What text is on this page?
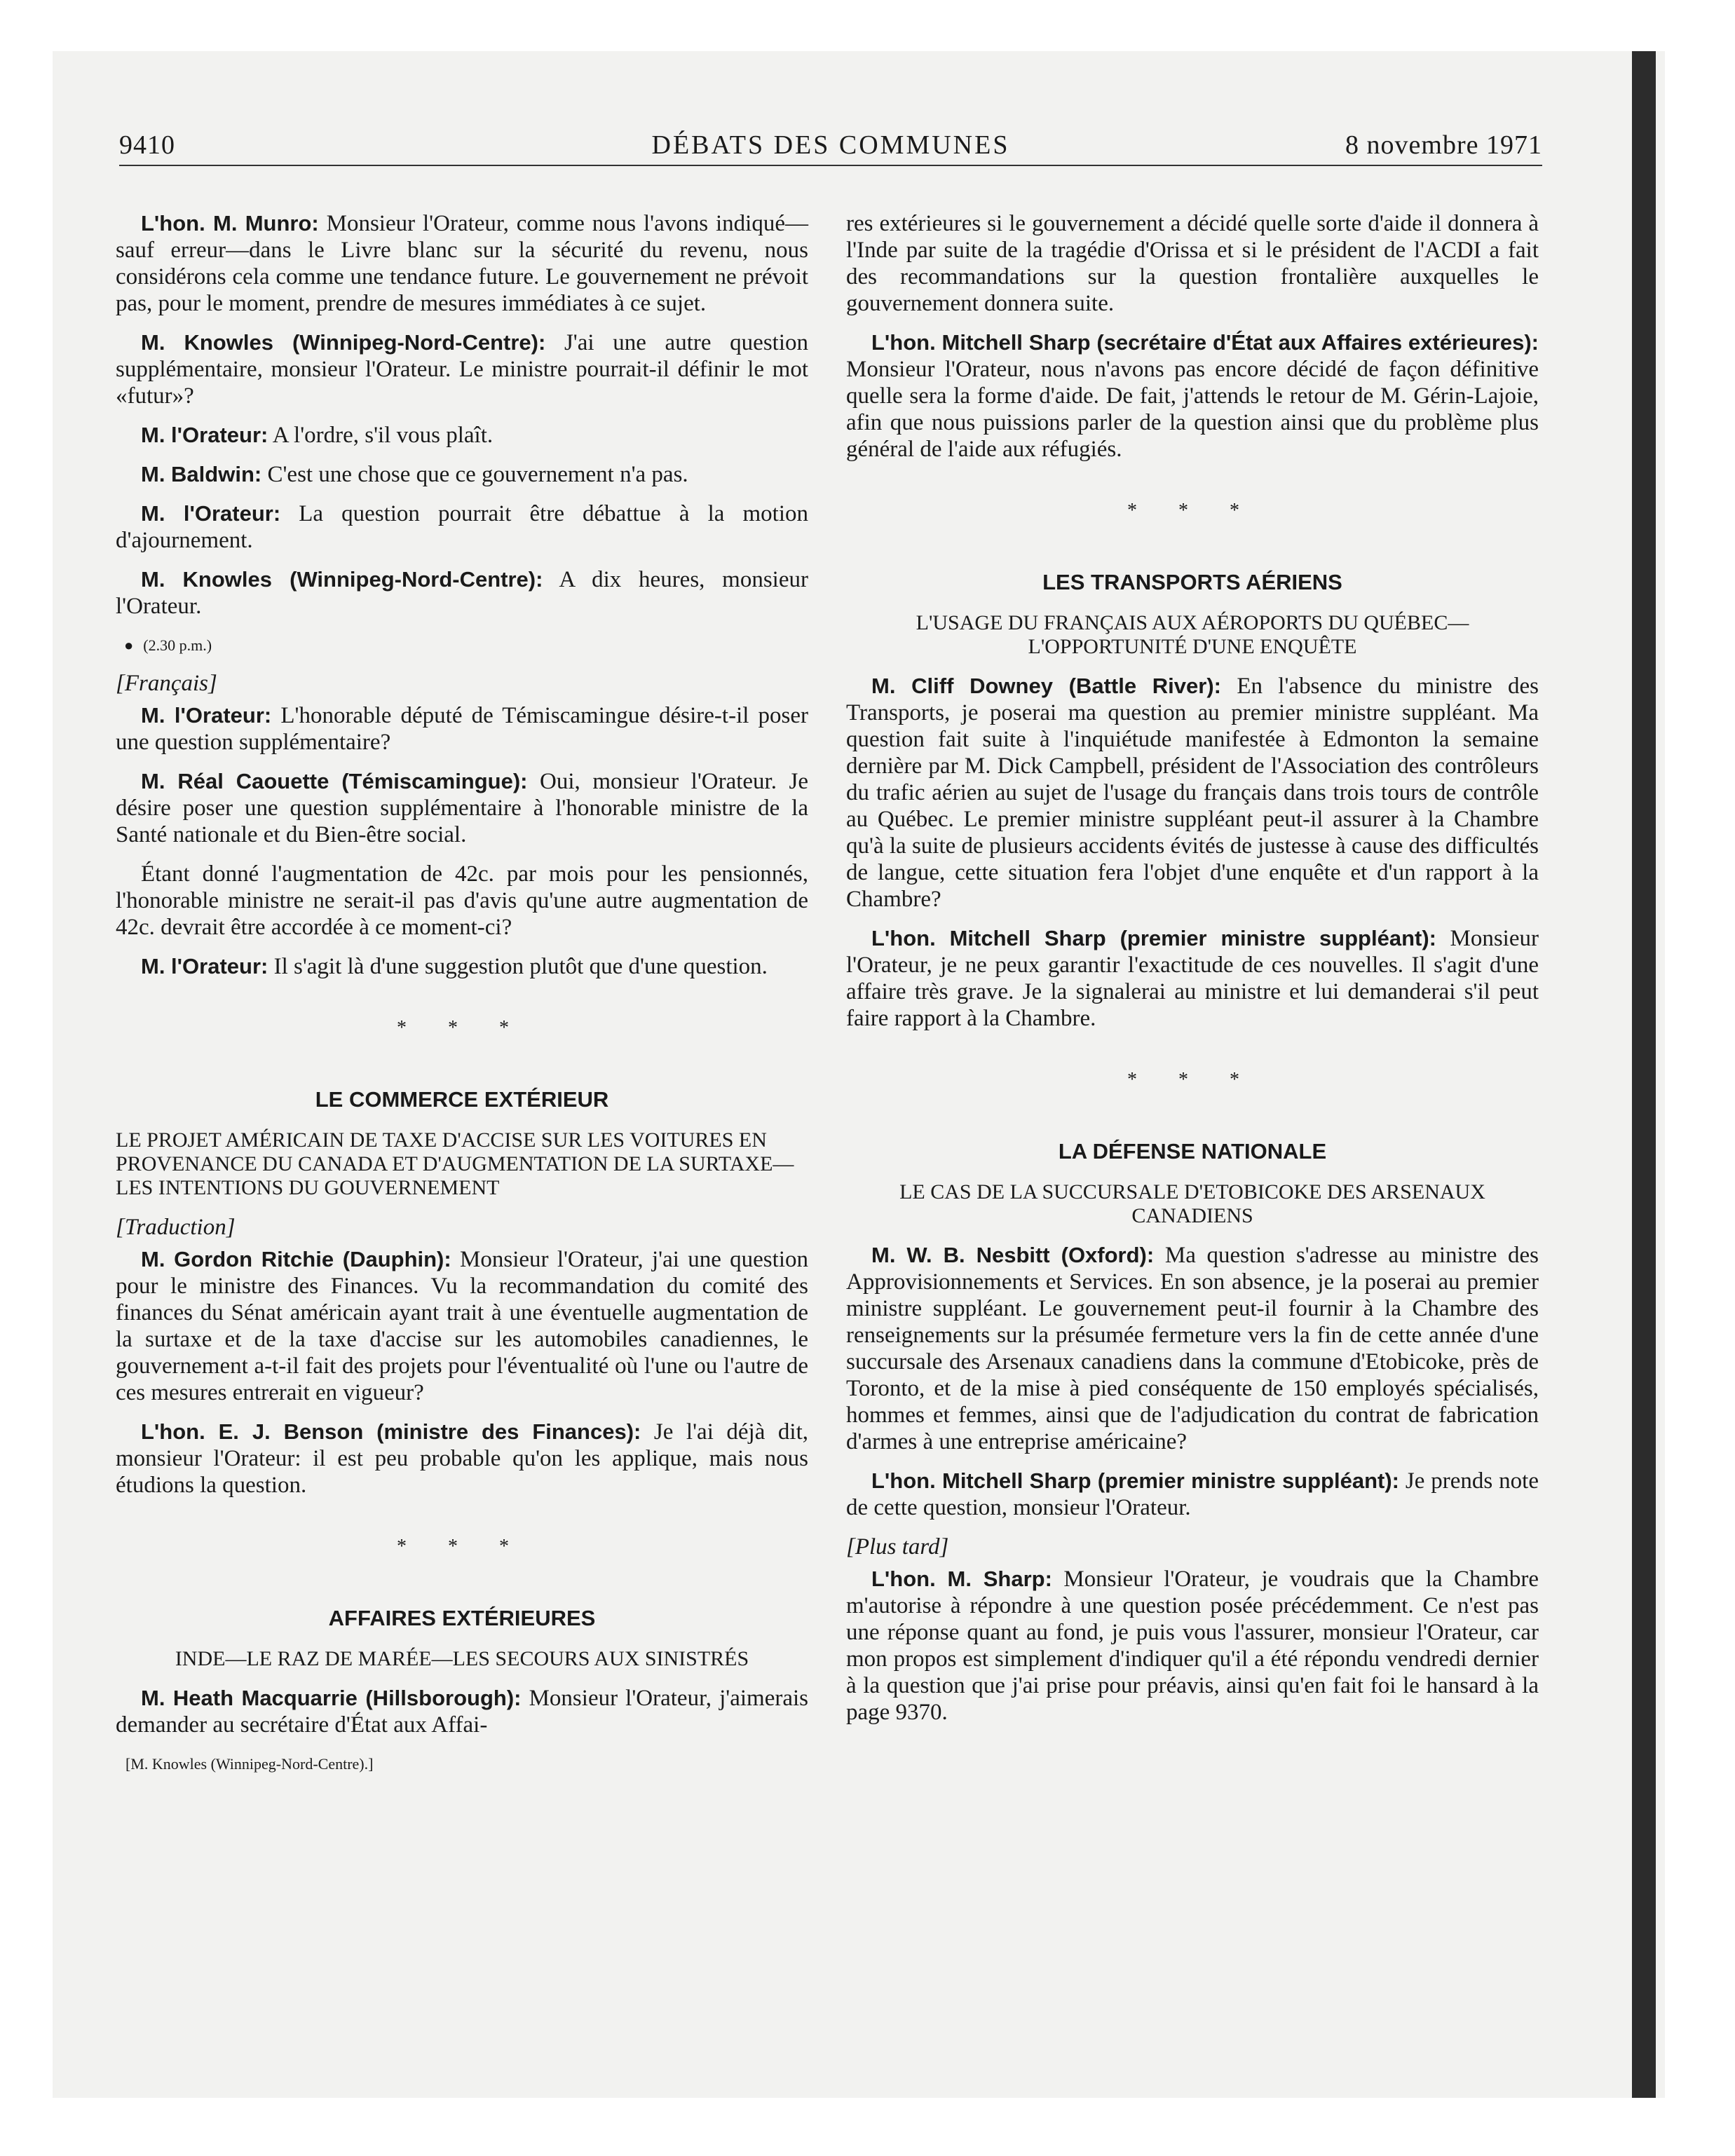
9410	DÉBATS DES COMMUNES	8 novembre 1971

L'hon. M. Munro: Monsieur l'Orateur, comme nous l'avons indiqué—sauf erreur—dans le Livre blanc sur la sécurité du revenu, nous considérons cela comme une tendance future. Le gouvernement ne prévoit pas, pour le moment, prendre de mesures immédiates à ce sujet.

M. Knowles (Winnipeg-Nord-Centre): J'ai une autre question supplémentaire, monsieur l'Orateur. Le ministre pourrait-il définir le mot «futur»?

M. l'Orateur: A l'ordre, s'il vous plaît.

M. Baldwin: C'est une chose que ce gouvernement n'a pas.

M. l'Orateur: La question pourrait être débattue à la motion d'ajournement.

M. Knowles (Winnipeg-Nord-Centre): A dix heures, monsieur l'Orateur.

● (2.30 p.m.)
[Français]

M. l'Orateur: L'honorable député de Témiscamingue désire-t-il poser une question supplémentaire?

M. Réal Caouette (Témiscamingue): Oui, monsieur l'Orateur. Je désire poser une question supplémentaire à l'honorable ministre de la Santé nationale et du Bien-être social.

Étant donné l'augmentation de 42c. par mois pour les pensionnés, l'honorable ministre ne serait-il pas d'avis qu'une autre augmentation de 42c. devrait être accordée à ce moment-ci?

M. l'Orateur: Il s'agit là d'une suggestion plutôt que d'une question.

* * *
LE COMMERCE EXTÉRIEUR
LE PROJET AMÉRICAIN DE TAXE D'ACCISE SUR LES VOITURES EN PROVENANCE DU CANADA ET D'AUGMENTATION DE LA SURTAXE—LES INTENTIONS DU GOUVERNEMENT
[Traduction]

M. Gordon Ritchie (Dauphin): Monsieur l'Orateur, j'ai une question pour le ministre des Finances. Vu la recommandation du comité des finances du Sénat américain ayant trait à une éventuelle augmentation de la surtaxe et de la taxe d'accise sur les automobiles canadiennes, le gouvernement a-t-il fait des projets pour l'éventualité où l'une ou l'autre de ces mesures entrerait en vigueur?

L'hon. E. J. Benson (ministre des Finances): Je l'ai déjà dit, monsieur l'Orateur: il est peu probable qu'on les applique, mais nous étudions la question.

* * *
AFFAIRES EXTÉRIEURES
INDE—LE RAZ DE MARÉE—LES SECOURS AUX SINISTRÉS

M. Heath Macquarrie (Hillsborough): Monsieur l'Orateur, j'aimerais demander au secrétaire d'État aux Affai-

[M. Knowles (Winnipeg-Nord-Centre).]

res extérieures si le gouvernement a décidé quelle sorte d'aide il donnera à l'Inde par suite de la tragédie d'Orissa et si le président de l'ACDI a fait des recommandations sur la question frontalière auxquelles le gouvernement donnera suite.

L'hon. Mitchell Sharp (secrétaire d'État aux Affaires extérieures): Monsieur l'Orateur, nous n'avons pas encore décidé de façon définitive quelle sera la forme d'aide. De fait, j'attends le retour de M. Gérin-Lajoie, afin que nous puissions parler de la question ainsi que du problème plus général de l'aide aux réfugiés.

* * *
LES TRANSPORTS AÉRIENS
L'USAGE DU FRANÇAIS AUX AÉROPORTS DU QUÉBEC—L'OPPORTUNITÉ D'UNE ENQUÊTE

M. Cliff Downey (Battle River): En l'absence du ministre des Transports, je poserai ma question au premier ministre suppléant. Ma question fait suite à l'inquiétude manifestée à Edmonton la semaine dernière par M. Dick Campbell, président de l'Association des contrôleurs du trafic aérien au sujet de l'usage du français dans trois tours de contrôle au Québec. Le premier ministre suppléant peut-il assurer à la Chambre qu'à la suite de plusieurs accidents évités de justesse à cause des difficultés de langue, cette situation fera l'objet d'une enquête et d'un rapport à la Chambre?

L'hon. Mitchell Sharp (premier ministre suppléant): Monsieur l'Orateur, je ne peux garantir l'exactitude de ces nouvelles. Il s'agit d'une affaire très grave. Je la signalerai au ministre et lui demanderai s'il peut faire rapport à la Chambre.

* * *
LA DÉFENSE NATIONALE
LE CAS DE LA SUCCURSALE D'ETOBICOKE DES ARSENAUX CANADIENS

M. W. B. Nesbitt (Oxford): Ma question s'adresse au ministre des Approvisionnements et Services. En son absence, je la poserai au premier ministre suppléant. Le gouvernement peut-il fournir à la Chambre des renseignements sur la présumée fermeture vers la fin de cette année d'une succursale des Arsenaux canadiens dans la commune d'Etobicoke, près de Toronto, et de la mise à pied conséquente de 150 employés spécialisés, hommes et femmes, ainsi que de l'adjudication du contrat de fabrication d'armes à une entreprise américaine?

L'hon. Mitchell Sharp (premier ministre suppléant): Je prends note de cette question, monsieur l'Orateur.

[Plus tard]

L'hon. M. Sharp: Monsieur l'Orateur, je voudrais que la Chambre m'autorise à répondre à une question posée précédemment. Ce n'est pas une réponse quant au fond, je puis vous l'assurer, monsieur l'Orateur, car mon propos est simplement d'indiquer qu'il a été répondu vendredi dernier à la question que j'ai prise pour préavis, ainsi qu'en fait foi le hansard à la page 9370.
